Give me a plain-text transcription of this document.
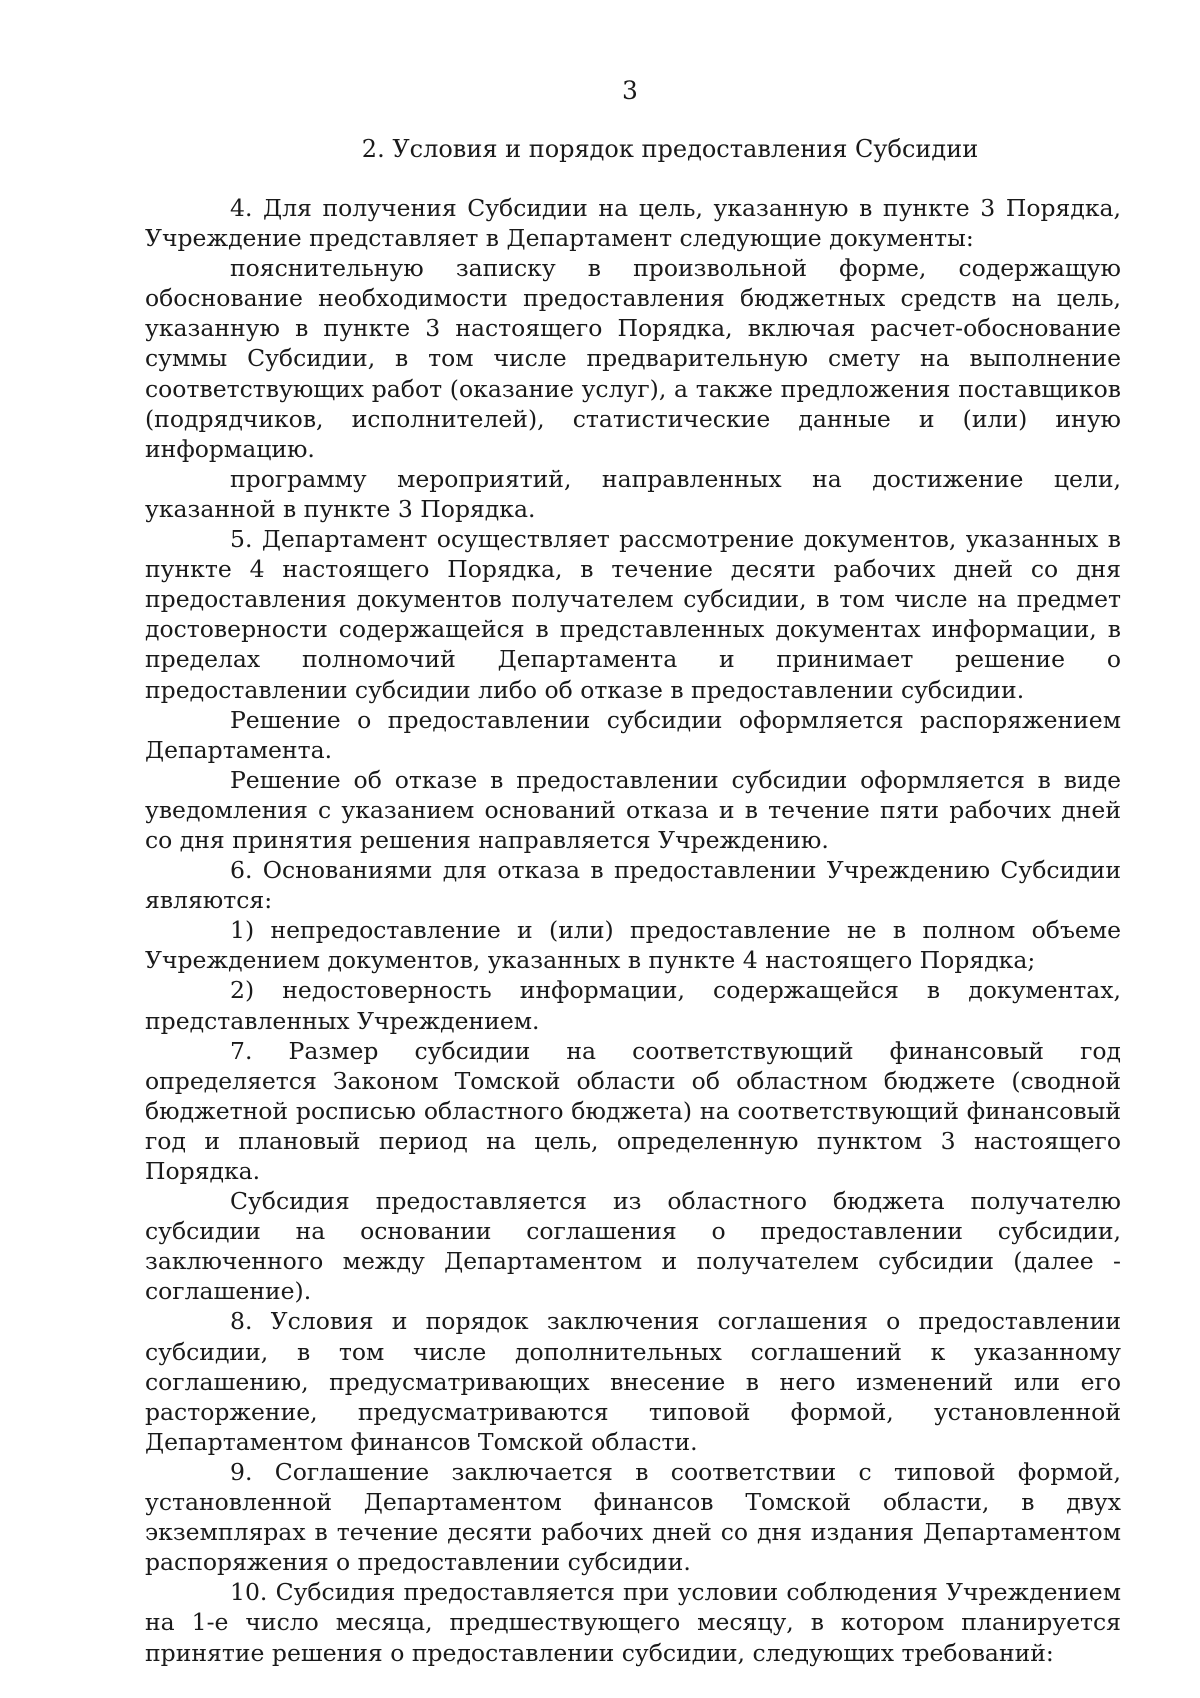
3
2. Условия и порядок предоставления Субсидии

4. Для получения Субсидии на цель, указанную в пункте 3 Порядка, Учреждение представляет в Департамент следующие документы:

пояснительную записку в произвольной форме, содержащую обоснование необходимости предоставления бюджетных средств на цель, указанную в пункте 3 настоящего Порядка, включая расчет-обоснование суммы Субсидии, в том числе предварительную смету на выполнение соответствующих работ (оказание услуг), а также предложения поставщиков (подрядчиков, исполнителей), статистические данные и (или) иную информацию.

программу мероприятий, направленных на достижение цели, указанной в пункте 3 Порядка.

5. Департамент осуществляет рассмотрение документов, указанных в пункте 4 настоящего Порядка, в течение десяти рабочих дней со дня предоставления документов получателем субсидии, в том числе на предмет достоверности содержащейся в представленных документах информации, в пределах полномочий Департамента и принимает решение о предоставлении субсидии либо об отказе в предоставлении субсидии.

Решение о предоставлении субсидии оформляется распоряжением Департамента.

Решение об отказе в предоставлении субсидии оформляется в виде уведомления с указанием оснований отказа и в течение пяти рабочих дней со дня принятия решения направляется Учреждению.

6. Основаниями для отказа в предоставлении Учреждению Субсидии являются:

1) непредоставление и (или) предоставление не в полном объеме Учреждением документов, указанных в пункте 4 настоящего Порядка;

2) недостоверность информации, содержащейся в документах, представленных Учреждением.

7. Размер субсидии на соответствующий финансовый год определяется Законом Томской области об областном бюджете (сводной бюджетной росписью областного бюджета) на соответствующий финансовый год и плановый период на цель, определенную пунктом 3 настоящего Порядка.

Субсидия предоставляется из областного бюджета получателю субсидии на основании соглашения о предоставлении субсидии, заключенного между Департаментом и получателем субсидии (далее - соглашение).

8. Условия и порядок заключения соглашения о предоставлении субсидии, в том числе дополнительных соглашений к указанному соглашению, предусматривающих внесение в него изменений или его расторжение, предусматриваются типовой формой, установленной Департаментом финансов Томской области.

9. Соглашение заключается в соответствии с типовой формой, установленной Департаментом финансов Томской области, в двух экземплярах в течение десяти рабочих дней со дня издания Департаментом распоряжения о предоставлении субсидии.

10. Субсидия предоставляется при условии соблюдения Учреждением на 1-е число месяца, предшествующего месяцу, в котором планируется принятие решения о предоставлении субсидии, следующих требований:
